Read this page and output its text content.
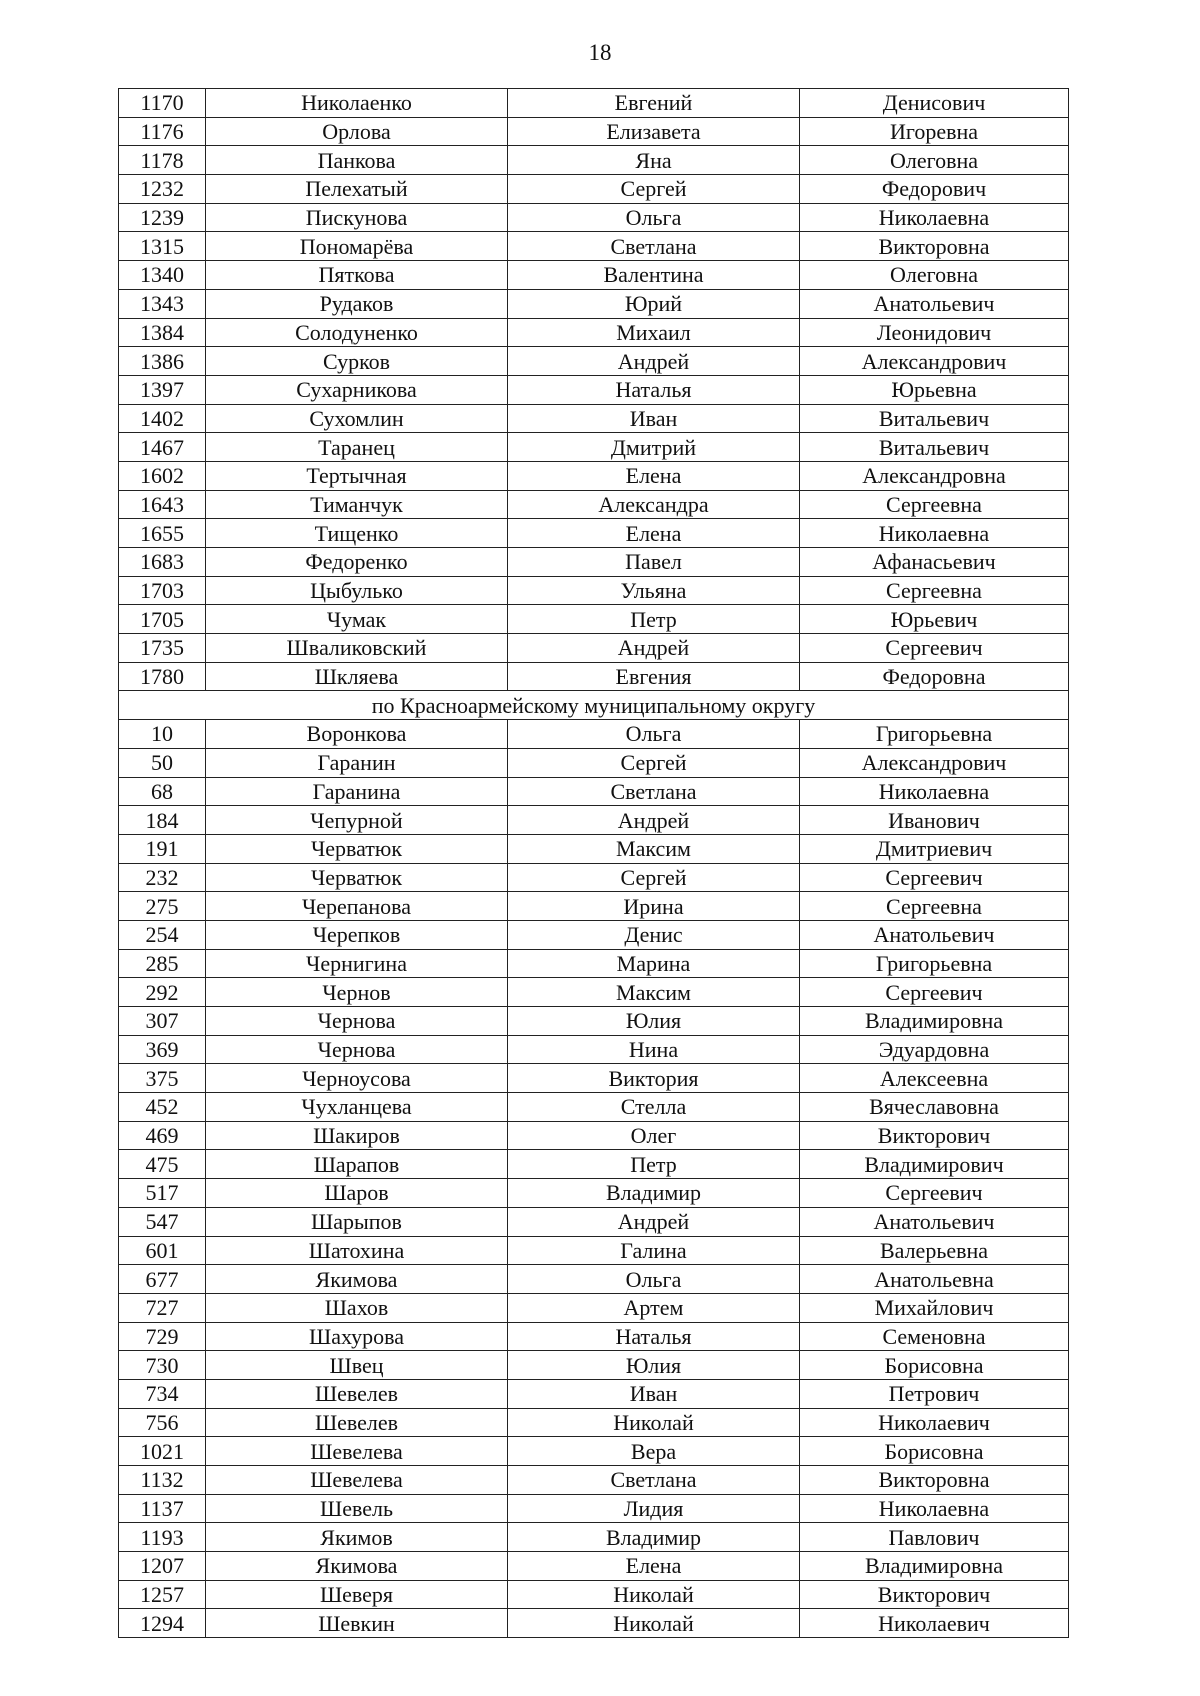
18
1170	Николаенко	Евгений	Денисович
1176	Орлова	Елизавета	Игоревна
1178	Панкова	Яна	Олеговна
1232	Пелехатый	Сергей	Федорович
1239	Пискунова	Ольга	Николаевна
1315	Пономарёва	Светлана	Викторовна
1340	Пяткова	Валентина	Олеговна
1343	Рудаков	Юрий	Анатольевич
1384	Солодуненко	Михаил	Леонидович
1386	Сурков	Андрей	Александрович
1397	Сухарникова	Наталья	Юрьевна
1402	Сухомлин	Иван	Витальевич
1467	Таранец	Дмитрий	Витальевич
1602	Тертычная	Елена	Александровна
1643	Тиманчук	Александра	Сергеевна
1655	Тищенко	Елена	Николаевна
1683	Федоренко	Павел	Афанасьевич
1703	Цыбулько	Ульяна	Сергеевна
1705	Чумак	Петр	Юрьевич
1735	Швaликовский	Андрей	Сергеевич
1780	Шкляева	Евгения	Федоровна
по Красноармейскому муниципальному округу			
10	Воронкова	Ольга	Григорьевна
50	Гаранин	Сергей	Александрович
68	Гаранина	Светлана	Николаевна
184	Чепурной	Андрей	Иванович
191	Черватюк	Максим	Дмитриевич
232	Черватюк	Сергей	Сергеевич
275	Черепанова	Ирина	Сергеевна
254	Черепков	Денис	Анатольевич
285	Чернигина	Марина	Григорьевна
292	Чернов	Максим	Сергеевич
307	Чернова	Юлия	Владимировна
369	Чернова	Нина	Эдуардовна
375	Черноусова	Виктория	Алексеевна
452	Чухланцева	Стелла	Вячеславовна
469	Шакиров	Олег	Викторович
475	Шарапов	Петр	Владимирович
517	Шаров	Владимир	Сергеевич
547	Шарыпов	Андрей	Анатольевич
601	Шатохина	Галина	Валерьевна
677	Якимова	Ольга	Анатольевна
727	Шахов	Артем	Михайлович
729	Шахурова	Наталья	Семеновна
730	Швец	Юлия	Борисовна
734	Шевелев	Иван	Петрович
756	Шевелев	Николай	Николаевич
1021	Шевелева	Вера	Борисовна
1132	Шевелева	Светлана	Викторовна
1137	Шевель	Лидия	Николаевна
1193	Якимов	Владимир	Павлович
1207	Якимова	Елена	Владимировна
1257	Шеверя	Николай	Викторович
1294	Шевкин	Николай	Николаевич
